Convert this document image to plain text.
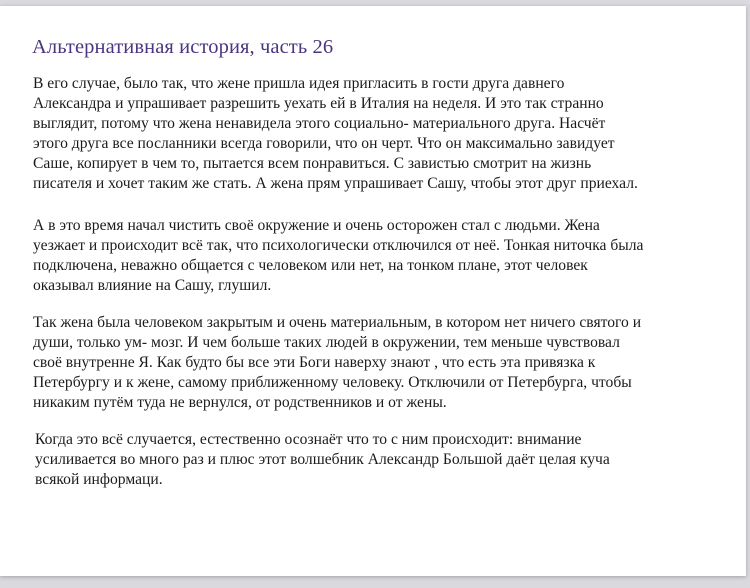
Альтернативная история, часть 26

В его случае, было так, что жене пришла идея пригласить в гости друга давнего
Александра и упрашивает разрешить уехать ей в Италия на неделя. И это так странно
выглядит, потому что жена ненавидела этого социально- материального друга. Насчёт
этого друга все посланники всегда говорили, что он черт. Что он максимально завидует
Саше, копирует в чем то, пытается всем понравиться. С завистью смотрит на жизнь
писателя и хочет таким же стать. А жена прям упрашивает Сашу, чтобы этот друг приехал.

А в это время начал чистить своё окружение и очень осторожен стал с людьми. Жена
уезжает и происходит всё так, что психологически отключился от неё. Тонкая ниточка была
подключена, неважно общается с человеком или нет, на тонком плане, этот человек
оказывал влияние на Сашу, глушил.

Так жена была человеком закрытым и очень материальным, в котором нет ничего святого и
души, только ум- мозг. И чем больше таких людей в окружении, тем меньше чувствовал
своё внутренне Я. Как будто бы все эти Боги наверху знают , что есть эта привязка к
Петербургу и к жене, самому приближенному человеку. Отключили от Петербурга, чтобы
никаким путём туда не вернулся, от родственников и от жены.

Когда это всё случается, естественно осознаёт что то с ним происходит: внимание
усиливается во много раз и плюс этот волшебник Александр Большой даёт целая куча
всякой информаци.
